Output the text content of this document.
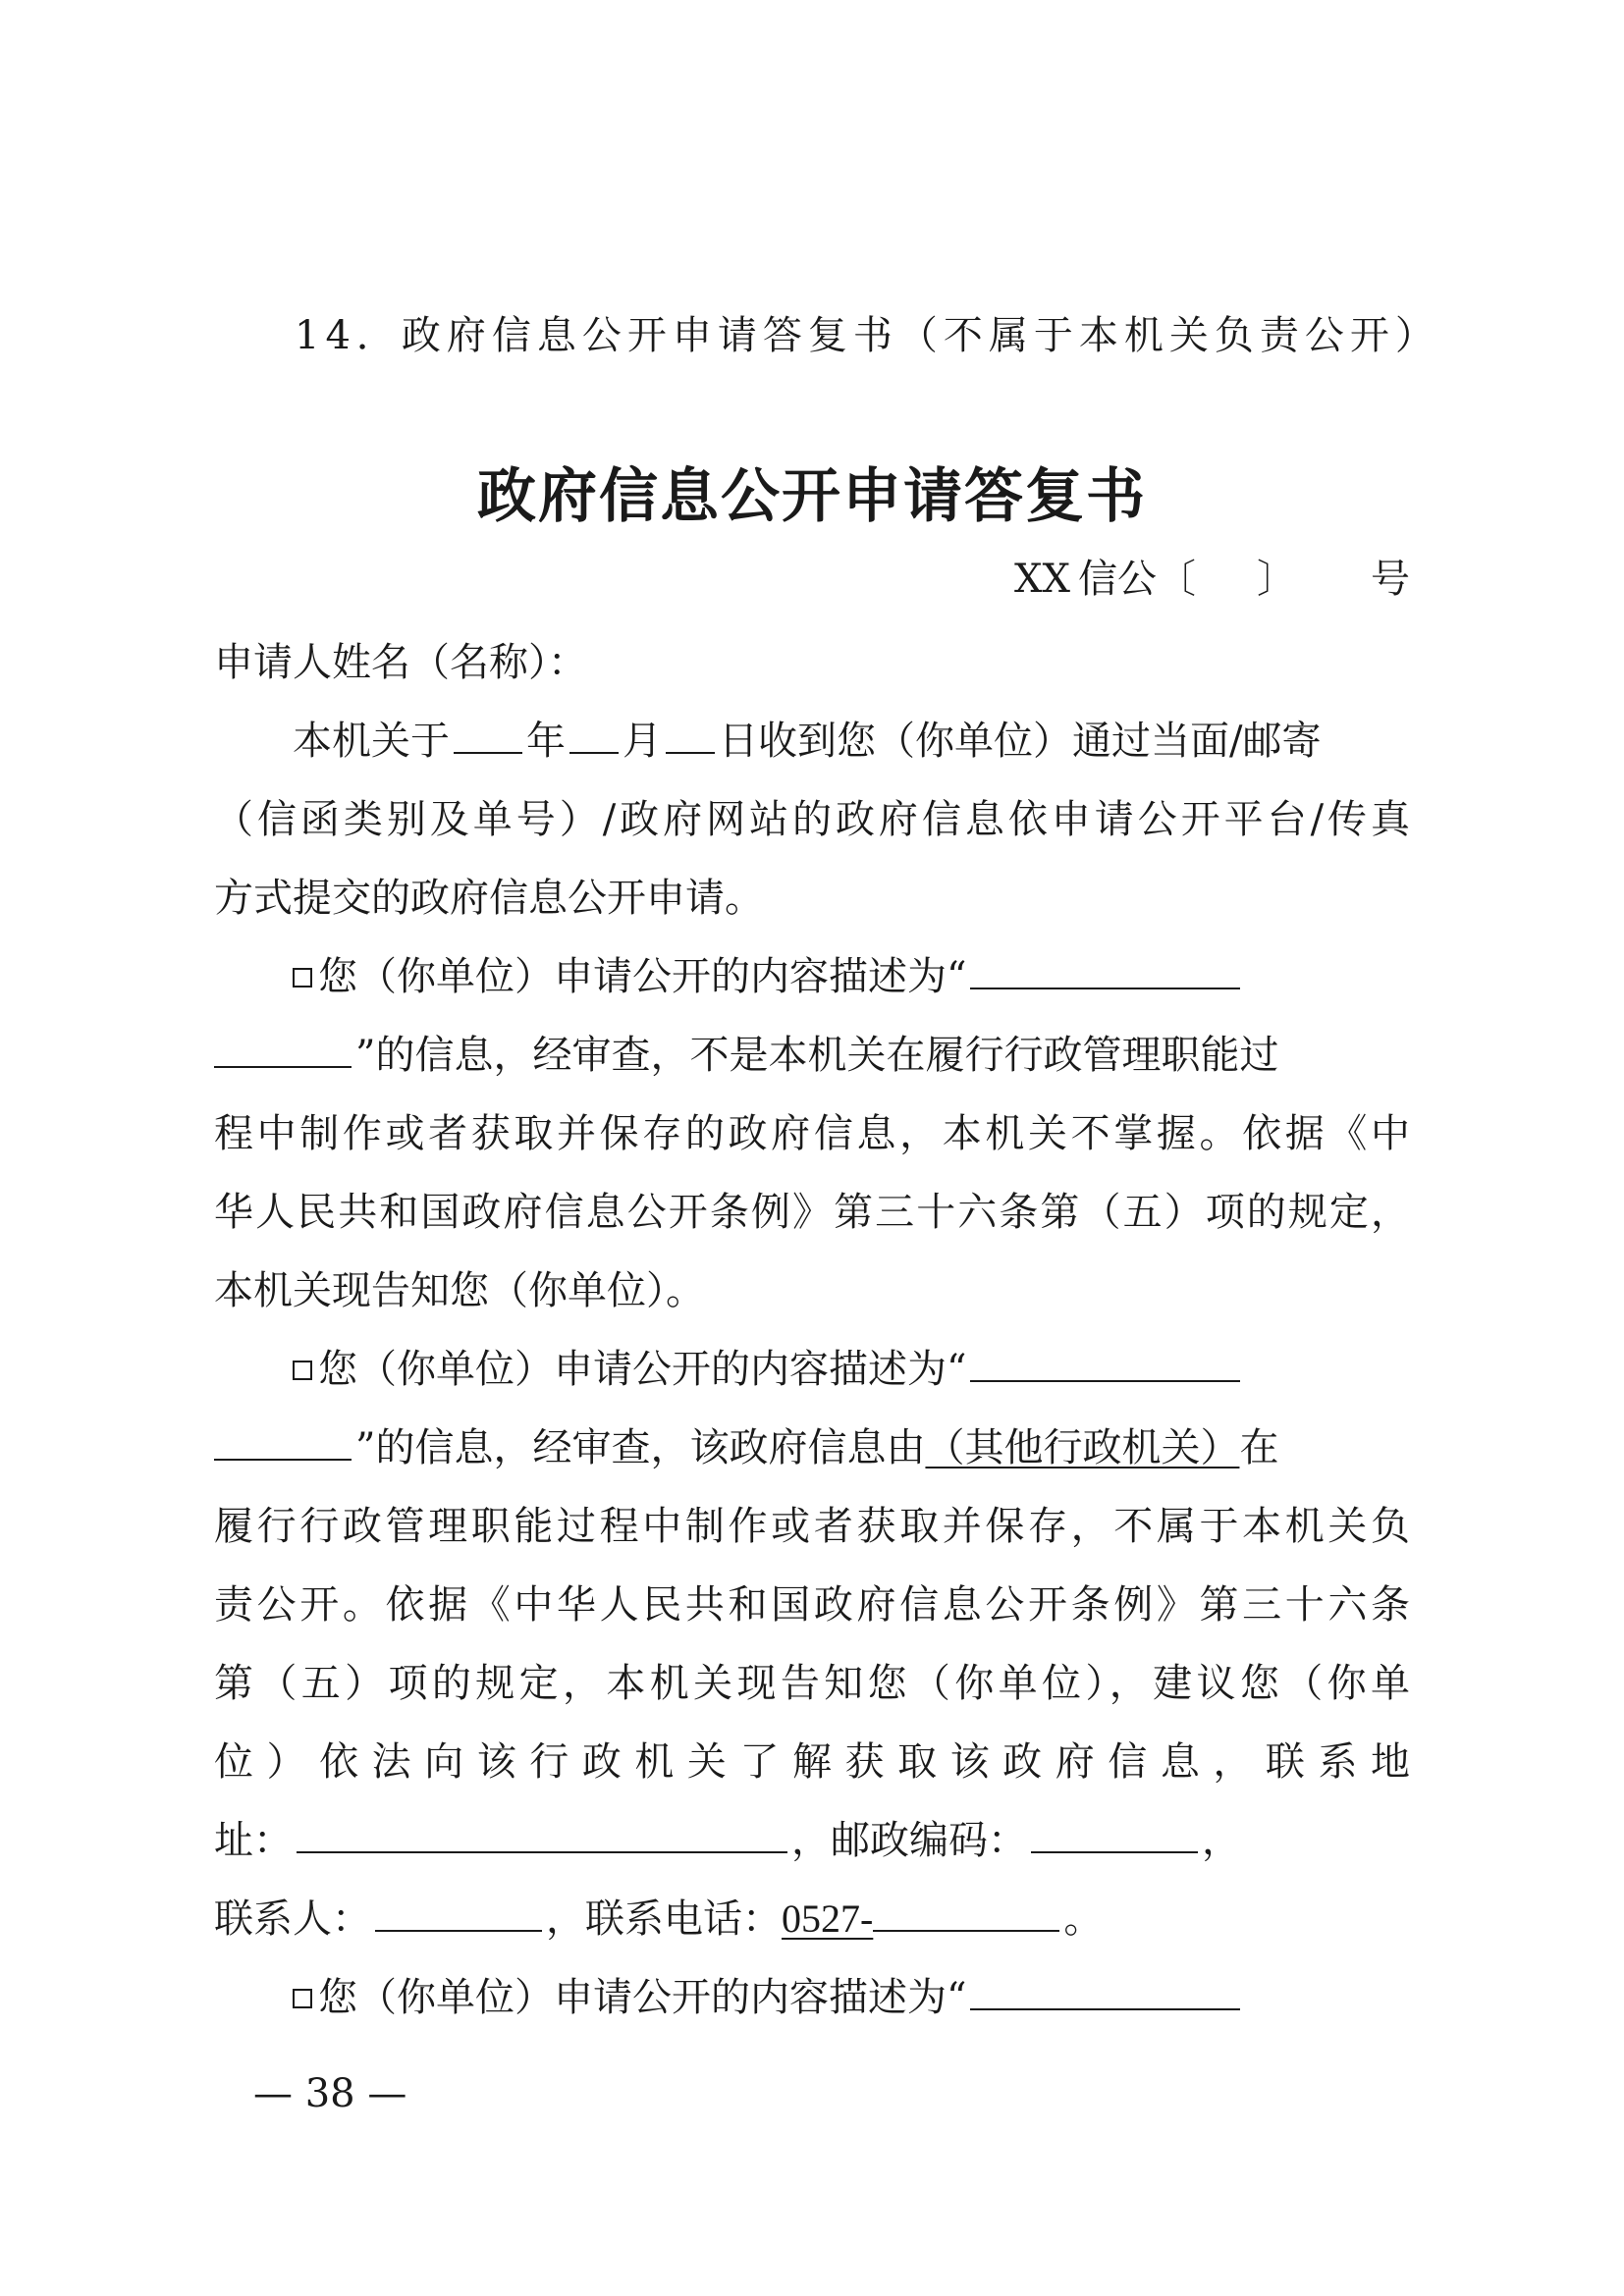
14．政府信息公开申请答复书（不属于本机关负责公开）
政府信息公开申请答复书
XX 信公〔 〕 号
申请人姓名（名称）：
本机关于 年 月 日收到您（你单位）通过当面/邮寄
（信函类别及单号）/政府网站的政府信息依申请公开平台/传真
方式提交的政府信息公开申请。
您（你单位）申请公开的内容描述为“
”的信息，经审查，不是本机关在履行行政管理职能过
程中制作或者获取并保存的政府信息，本机关不掌握。依据《中
华人民共和国政府信息公开条例》第三十六条第（五）项的规定，
本机关现告知您（你单位）。
您（你单位）申请公开的内容描述为“
”的信息，经审查，该政府信息由（其他行政机关）在
履行行政管理职能过程中制作或者获取并保存，不属于本机关负
责公开。依据《中华人民共和国政府信息公开条例》第三十六条
第（五）项的规定，本机关现告知您（你单位），建议您（你单
位）依法向该行政机关了解获取该政府信息，联系地
址：	，邮政编码：	，
联系人：	，联系电话：0527-	。
您（你单位）申请公开的内容描述为“
— 38 —
